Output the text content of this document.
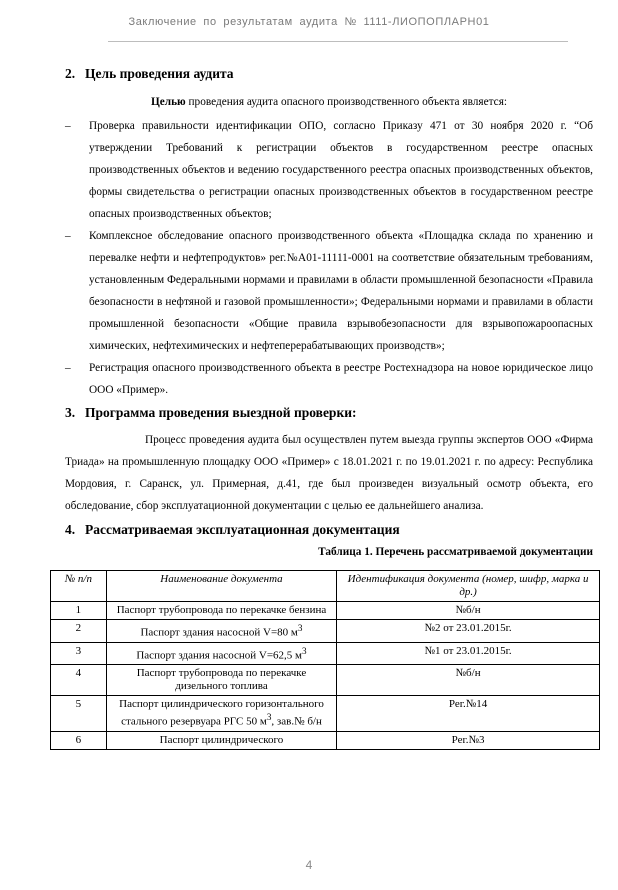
Заключение по результатам аудита № 1111-ЛИОПОПЛАРН01
2. Цель проведения аудита

Целью проведения аудита опасного производственного объекта является:

– Проверка правильности идентификации ОПО, согласно Приказу 471 от 30 ноября 2020 г. “Об утверждении Требований к регистрации объектов в государственном реестре опасных производственных объектов и ведению государственного реестра опасных производственных объектов, формы свидетельства о регистрации опасных производственных объектов в государственном реестре опасных производственных объектов;
– Комплексное обследование опасного производственного объекта «Площадка склада по хранению и перевалке нефти и нефтепродуктов» рег.№А01-11111-0001 на соответствие обязательным требованиям, установленным Федеральными нормами и правилами в области промышленной безопасности «Правила безопасности в нефтяной и газовой промышленности»; Федеральными нормами и правилами в области промышленной безопасности «Общие правила взрывобезопасности для взрывопожароопасных химических, нефтехимических и нефтеперерабатывающих производств»;
– Регистрация опасного производственного объекта в реестре Ростехнадзора на новое юридическое лицо ООО «Пример».
3. Программа проведения выездной проверки:

Процесс проведения аудита был осуществлен путем выезда группы экспертов ООО «Фирма Триада» на промышленную площадку ООО «Пример» с 18.01.2021 г. по 19.01.2021 г. по адресу: Республика Мордовия, г. Саранск, ул. Примерная, д.41, где был произведен визуальный осмотр объекта, его обследование, сбор эксплуатационной документации с целью ее дальнейшего анализа.

4. Рассматриваемая эксплуатационная документация
Таблица 1. Перечень рассматриваемой документации
№ п/п	Наименование документа	Идентификация документа (номер, шифр, марка и др.)
1	Паспорт трубопровода по перекачке бензина	№б/н
2	Паспорт здания насосной V=80 $м^3$	№2 от 23.01.2015г.
3	Паспорт здания насосной V=62,5 $м^3$	№1 от 23.01.2015г.
4	Паспорт трубопровода по перекачке дизельного топлива	№б/н
5	Паспорт цилиндрического горизонтального стального резервуара РГС 50 $м^3$, зав.№ б/н	Рег.№14
6	Паспорт цилиндрического	Рег.№3
4
